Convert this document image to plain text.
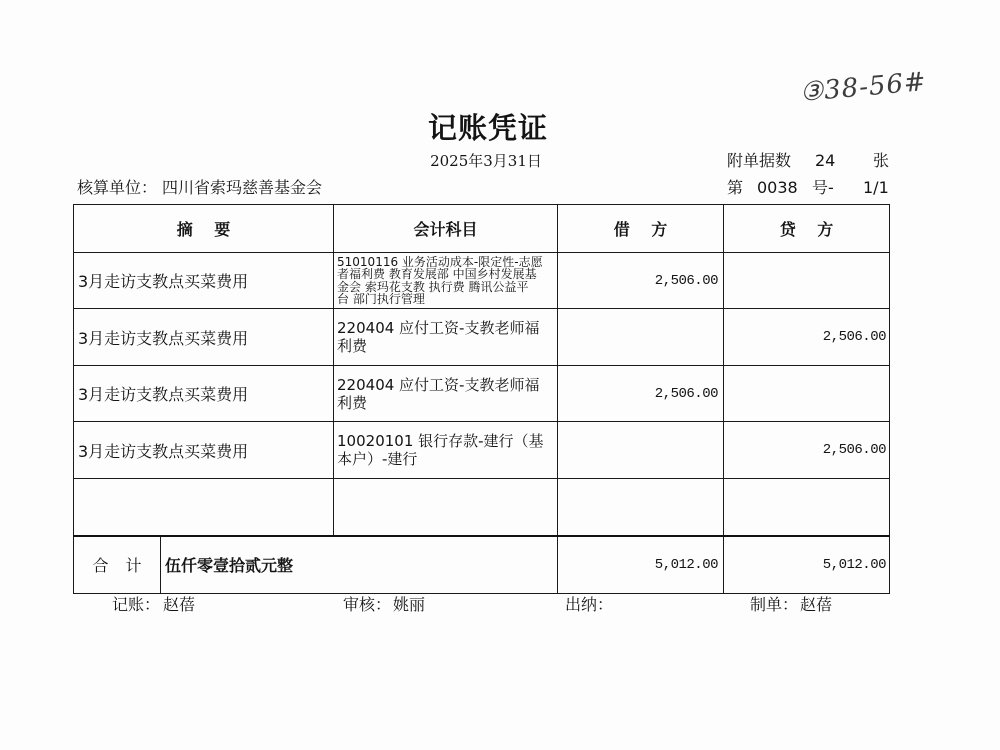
③38-56#
记账凭证
2025年3月31日	附单据数 24 张
第 0038 号- 1/1
核算单位： 四川省索玛慈善基金会
摘 要		会计科目	借 方	贷 方
3月走访支教点买菜费用		51010116 业务活动成本-限定性-志愿
者福利费 教育发展部 中国乡村发展基
金会 索玛花支教 执行费 腾讯公益平
台 部门执行管理	2,506.00	
3月走访支教点买菜费用		220404 应付工资-支教老师福
利费		2,506.00
3月走访支教点买菜费用		220404 应付工资-支教老师福
利费	2,506.00	
3月走访支教点买菜费用		10020101 银行存款-建行（基
本户）-建行		2,506.00

合 计	伍仟零壹拾贰元整		5,012.00	5,012.00
记账： 赵蓓	审核： 姚丽	出纳：	制单： 赵蓓
